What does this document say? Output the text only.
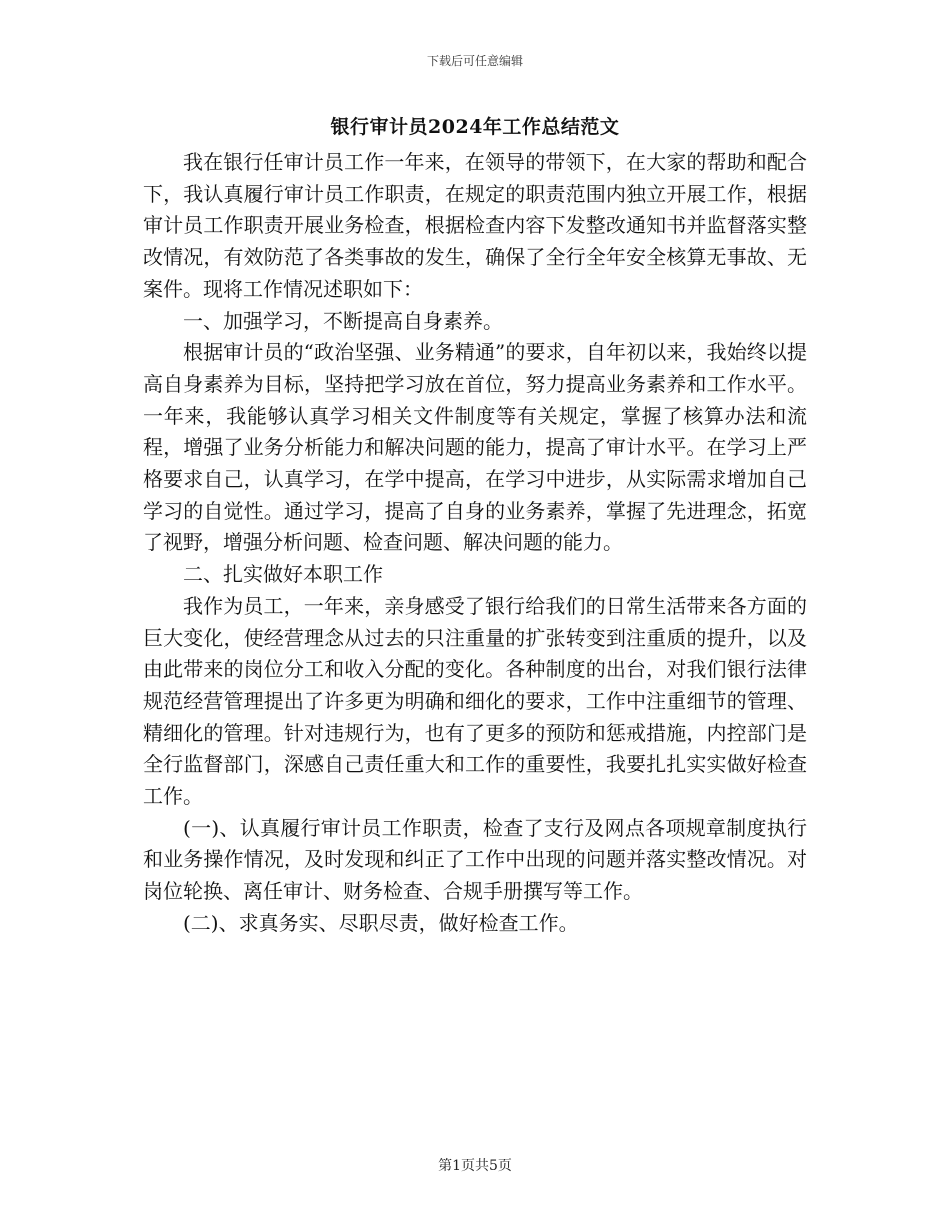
下载后可任意编辑
银行审计员2024年工作总结范文

我在银行任审计员工作一年来，在领导的带领下，在大家的帮助和配合下，我认真履行审计员工作职责，在规定的职责范围内独立开展工作，根据审计员工作职责开展业务检查，根据检查内容下发整改通知书并监督落实整改情况，有效防范了各类事故的发生，确保了全行全年安全核算无事故、无案件。现将工作情况述职如下：

一、加强学习，不断提高自身素养。

根据审计员的“政治坚强、业务精通”的要求，自年初以来，我始终以提高自身素养为目标，坚持把学习放在首位，努力提高业务素养和工作水平。一年来，我能够认真学习相关文件制度等有关规定，掌握了核算办法和流程，增强了业务分析能力和解决问题的能力，提高了审计水平。在学习上严格要求自己，认真学习，在学中提高，在学习中进步，从实际需求增加自己学习的自觉性。通过学习，提高了自身的业务素养，掌握了先进理念，拓宽了视野，增强分析问题、检查问题、解决问题的能力。

二、扎实做好本职工作

我作为员工，一年来，亲身感受了银行给我们的日常生活带来各方面的巨大变化，使经营理念从过去的只注重量的扩张转变到注重质的提升，以及由此带来的岗位分工和收入分配的变化。各种制度的出台，对我们银行法律规范经营管理提出了许多更为明确和细化的要求，工作中注重细节的管理、精细化的管理。针对违规行为，也有了更多的预防和惩戒措施，内控部门是全行监督部门，深感自己责任重大和工作的重要性，我要扎扎实实做好检查工作。

(一)、认真履行审计员工作职责，检查了支行及网点各项规章制度执行和业务操作情况，及时发现和纠正了工作中出现的问题并落实整改情况。对岗位轮换、离任审计、财务检查、合规手册撰写等工作。

(二)、求真务实、尽职尽责，做好检查工作。

第1页共5页
